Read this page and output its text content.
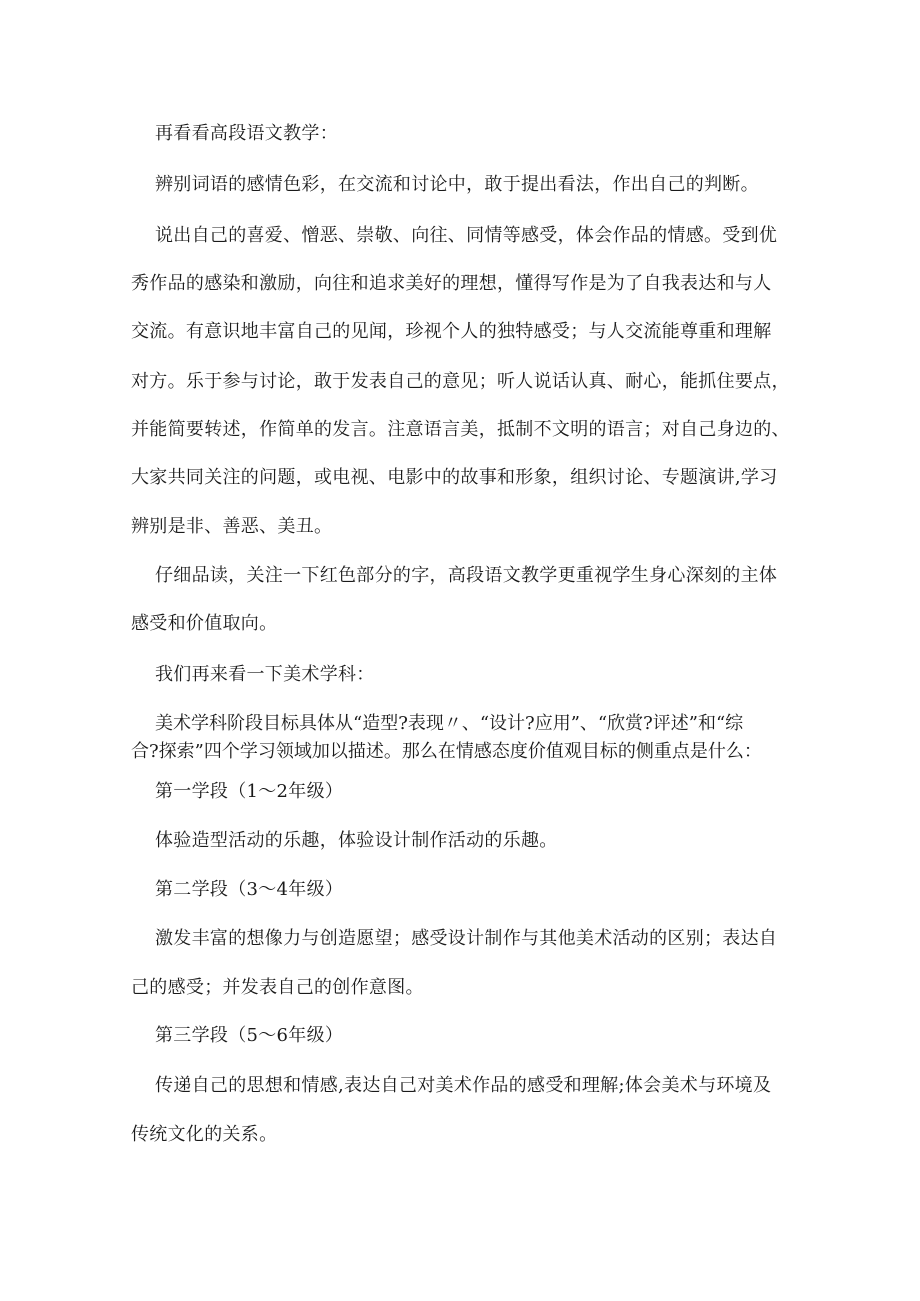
再看看高段语文教学：

辨别词语的感情色彩，在交流和讨论中，敢于提出看法，作出自己的判断。

说出自己的喜爱、憎恶、崇敬、向往、同情等感受，体会作品的情感。受到优

秀作品的感染和激励，向往和追求美好的理想，懂得写作是为了自我表达和与人

交流。有意识地丰富自己的见闻，珍视个人的独特感受；与人交流能尊重和理解

对方。乐于参与讨论，敢于发表自己的意见；听人说话认真、耐心，能抓住要点，

并能简要转述，作简单的发言。注意语言美，抵制不文明的语言；对自己身边的、

大家共同关注的问题，或电视、电影中的故事和形象，组织讨论、专题演讲,学习

辨别是非、善恶、美丑。

仔细品读，关注一下红色部分的字，高段语文教学更重视学生身心深刻的主体

感受和价值取向。

我们再来看一下美术学科：

美术学科阶段目标具体从“造型?表现〃、“设计?应用”、“欣赏?评述”和“综

合?探索”四个学习领域加以描述。那么在情感态度价值观目标的侧重点是什么：

第一学段（1〜2年级）

体验造型活动的乐趣，体验设计制作活动的乐趣。

第二学段（3〜4年级）

激发丰富的想像力与创造愿望；感受设计制作与其他美术活动的区别；表达自

己的感受；并发表自己的创作意图。

第三学段（5〜6年级）

传递自己的思想和情感,表达自己对美术作品的感受和理解;体会美术与环境及

传统文化的关系。
